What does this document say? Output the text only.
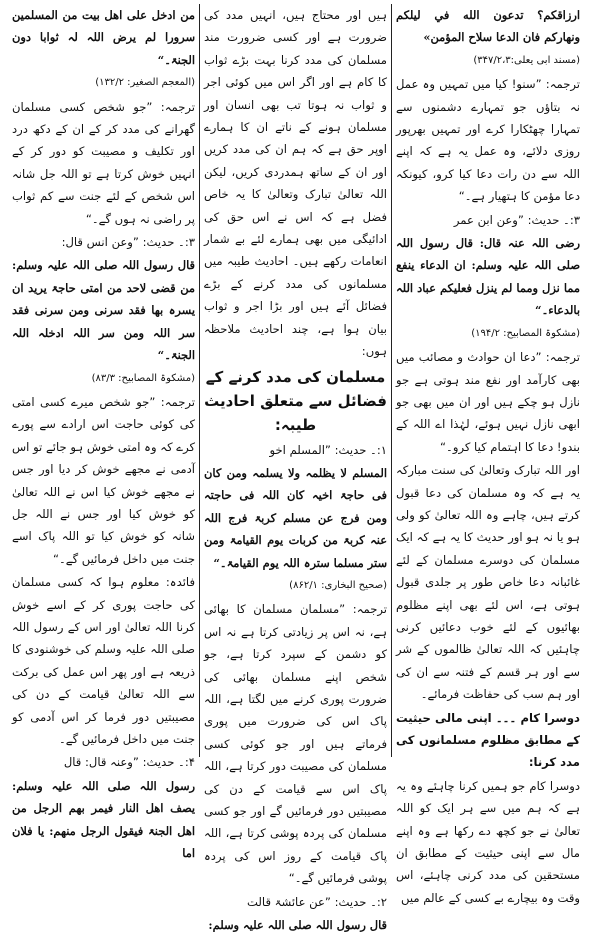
ارزاقكم؟ تدعون الله في ليلكم ونهاركم فان الدعا سلاح المؤمن»
(مسند ابی یعلی:۳۴۷/۲،۳)
ترجمہ: ”سنو! کیا میں تمہیں وہ عمل نہ بتاؤں جو تمہارے دشمنوں سے تمہارا چھٹکارا کرے اور تمہیں بھرپور روزی دلائے، وہ عمل یہ ہے کہ اپنے اللہ سے دن رات دعا کیا کرو، کیونکہ دعا مؤمن کا ہتھیار ہے۔“
۳:۔ حدیث: ”وعن ابن عمر
رضی اللہ عنہ قال: قال رسول اللہ صلی اللہ علیہ وسلم: ان الدعاء ینفع مما نزل ومما لم ینزل فعلیکم عباد اللہ بالدعاء۔“
(مشکوۃ المصابیح: ۱۹۴/۲)
ترجمہ: ”دعا ان حوادث و مصائب میں بھی کارآمد اور نفع مند ہوتی ہے جو نازل ہو چکے ہیں اور ان میں بھی جو ابھی نازل نہیں ہوئے، لہٰذا اے اللہ کے بندو! دعا کا اہتمام کیا کرو۔“
اور اللہ تبارک وتعالیٰ کی سنت مبارکہ یہ ہے کہ وہ مسلمان کی دعا قبول کرتے ہیں، چاہے وہ اللہ تعالیٰ کو ولی ہو یا نہ ہو اور حدیث کا یہ ہے کہ ایک مسلمان کی دوسرے مسلمان کے لئے غائبانہ دعا خاص طور پر جلدی قبول ہوتی ہے، اس لئے بھی اپنے مظلوم بھائیوں کے لئے خوب دعائیں کرنی چاہئیں کہ اللہ تعالیٰ ظالموں کے شر سے اور ہر قسم کے فتنہ سے ان کی اور ہم سب کی حفاظت فرمائے۔
دوسرا کام ۔۔۔ اپنی مالی حیثیت کے مطابق مظلوم مسلمانوں کی مدد کرنا:
دوسرا کام جو ہمیں کرنا چاہئے وہ یہ ہے کہ ہم میں سے ہر ایک کو اللہ تعالیٰ نے جو کچھ دے رکھا ہے وہ اپنے مال سے اپنی حیثیت کے مطابق ان مستحقین کی مدد کرنی چاہئے، اس وقت وہ بیچارے بے کسی کے عالم میں
ہیں اور محتاج ہیں، انہیں مدد کی ضرورت ہے اور کسی ضرورت مند مسلمان کی مدد کرنا بہت بڑے ثواب کا کام ہے اور اگر اس میں کوئی اجر و ثواب نہ ہوتا تب بھی انسان اور مسلمان ہونے کے ناتے ان کا ہمارے اوپر حق ہے کہ ہم ان کی مدد کریں اور ان کے ساتھ ہمدردی کریں، لیکن اللہ تعالیٰ تبارک وتعالیٰ کا یہ خاص فضل ہے کہ اس نے اس حق کی ادائیگی میں بھی ہمارے لئے بے شمار انعامات رکھے ہیں۔ احادیث طیبہ میں مسلمانوں کی مدد کرنے کے بڑے فضائل آئے ہیں اور بڑا اجر و ثواب بیان ہوا ہے، چند احادیث ملاحظہ ہوں:
مسلمان کی مدد کرنے کے فضائل سے متعلق احادیث طیبہ:
۱:۔ حدیث: ”المسلم اخو
المسلم لا یظلمہ ولا یسلمہ ومن کان فی حاجۃ اخیہ کان اللہ فی حاجتہ ومن فرج عن مسلم کربۃ فرج اللہ عنہ کربۃ من کربات یوم القیامۃ ومن ستر مسلما سترہ اللہ یوم القیامۃ۔“
(صحیح البخاری: ۸۶۲/۱)
ترجمہ: ”مسلمان مسلمان کا بھائی ہے، نہ اس پر زیادتی کرتا ہے نہ اس کو دشمن کے سپرد کرتا ہے، جو شخص اپنے مسلمان بھائی کی ضرورت پوری کرنے میں لگتا ہے، اللہ پاک اس کی ضرورت میں پوری فرماتے ہیں اور جو کوئی کسی مسلمان کی مصیبت دور کرتا ہے، اللہ پاک اس سے قیامت کے دن کی مصیبتیں دور فرمائیں گے اور جو کسی مسلمان کی پردہ پوشی کرتا ہے، اللہ پاک قیامت کے روز اس کی پردہ پوشی فرمائیں گے۔“
۲:۔ حدیث: ”عن عائشۃ قالت
قال رسول اللہ صلی اللہ علیہ وسلم:
من ادخل علی اھل بیت من المسلمین سرورا لم یرض اللہ لہ ثوابا دون الجنۃ۔“
(المعجم الصغیر: ۱۳۲/۲)
ترجمہ: ”جو شخص کسی مسلمان گھرانے کی مدد کر کے ان کے دکھ درد اور تکلیف و مصیبت کو دور کر کے انہیں خوش کرتا ہے تو اللہ جل شانہ اس شخص کے لئے جنت سے کم ثواب پر راضی نہ ہوں گے۔“
۳:۔ حدیث: ”وعن انس قال:
قال رسول اللہ صلی اللہ علیہ وسلم: من قضی لاحد من امتی حاجۃ یرید ان یسرہ بھا فقد سرنی ومن سرنی فقد سر اللہ ومن سر اللہ ادخلہ اللہ الجنۃ۔“
(مشکوۃ المصابیح: ۸۳/۳)
ترجمہ: ”جو شخص میرے کسی امتی کی کوئی حاجت اس ارادے سے پورے کرے کہ وہ امتی خوش ہو جائے تو اس آدمی نے مجھے خوش کر دیا اور جس نے مجھے خوش کیا اس نے اللہ تعالیٰ کو خوش کیا اور جس نے اللہ جل شانہ کو خوش کیا تو اللہ پاک اسے جنت میں داخل فرمائیں گے۔“
فائدہ: معلوم ہوا کہ کسی مسلمان کی حاجت پوری کر کے اسے خوش کرنا اللہ تعالیٰ اور اس کے رسول اللہ صلی اللہ علیہ وسلم کی خوشنودی کا ذریعہ ہے اور پھر اس عمل کی برکت سے اللہ تعالیٰ قیامت کے دن کی مصیبتیں دور فرما کر اس آدمی کو جنت میں داخل فرمائیں گے۔
۴:۔ حدیث: ”وعنہ قال: قال
رسول اللہ صلی اللہ علیہ وسلم: یصف اھل النار فیمر بھم الرجل من اھل الجنۃ فیقول الرجل منھم: یا فلان اما
